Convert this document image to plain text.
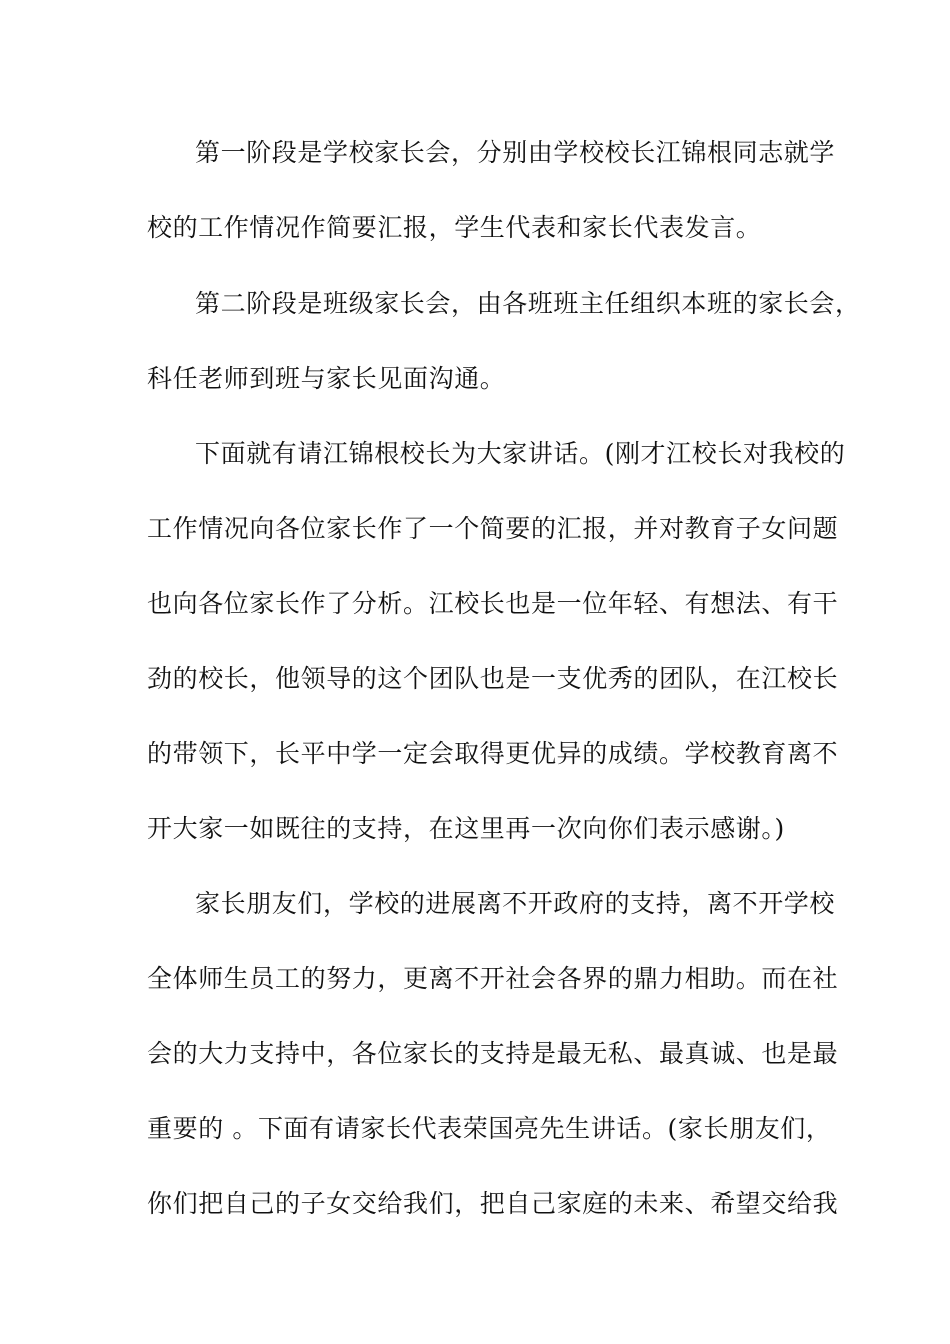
第一阶段是学校家长会，分别由学校校长江锦根同志就学
校的工作情况作简要汇报，学生代表和家长代表发言。
第二阶段是班级家长会，由各班班主任组织本班的家长会，
科任老师到班与家长见面沟通。
下面就有请江锦根校长为大家讲话。(刚才江校长对我校的
工作情况向各位家长作了一个简要的汇报，并对教育子女问题
也向各位家长作了分析。江校长也是一位年轻、有想法、有干
劲的校长，他领导的这个团队也是一支优秀的团队，在江校长
的带领下，长平中学一定会取得更优异的成绩。学校教育离不
开大家一如既往的支持，在这里再一次向你们表示感谢。)
家长朋友们，学校的进展离不开政府的支持，离不开学校
全体师生员工的努力，更离不开社会各界的鼎力相助。而在社
会的大力支持中，各位家长的支持是最无私、最真诚、也是最
重要的 。下面有请家长代表荣国亮先生讲话。(家长朋友们，
你们把自己的子女交给我们，把自己家庭的未来、希望交给我
